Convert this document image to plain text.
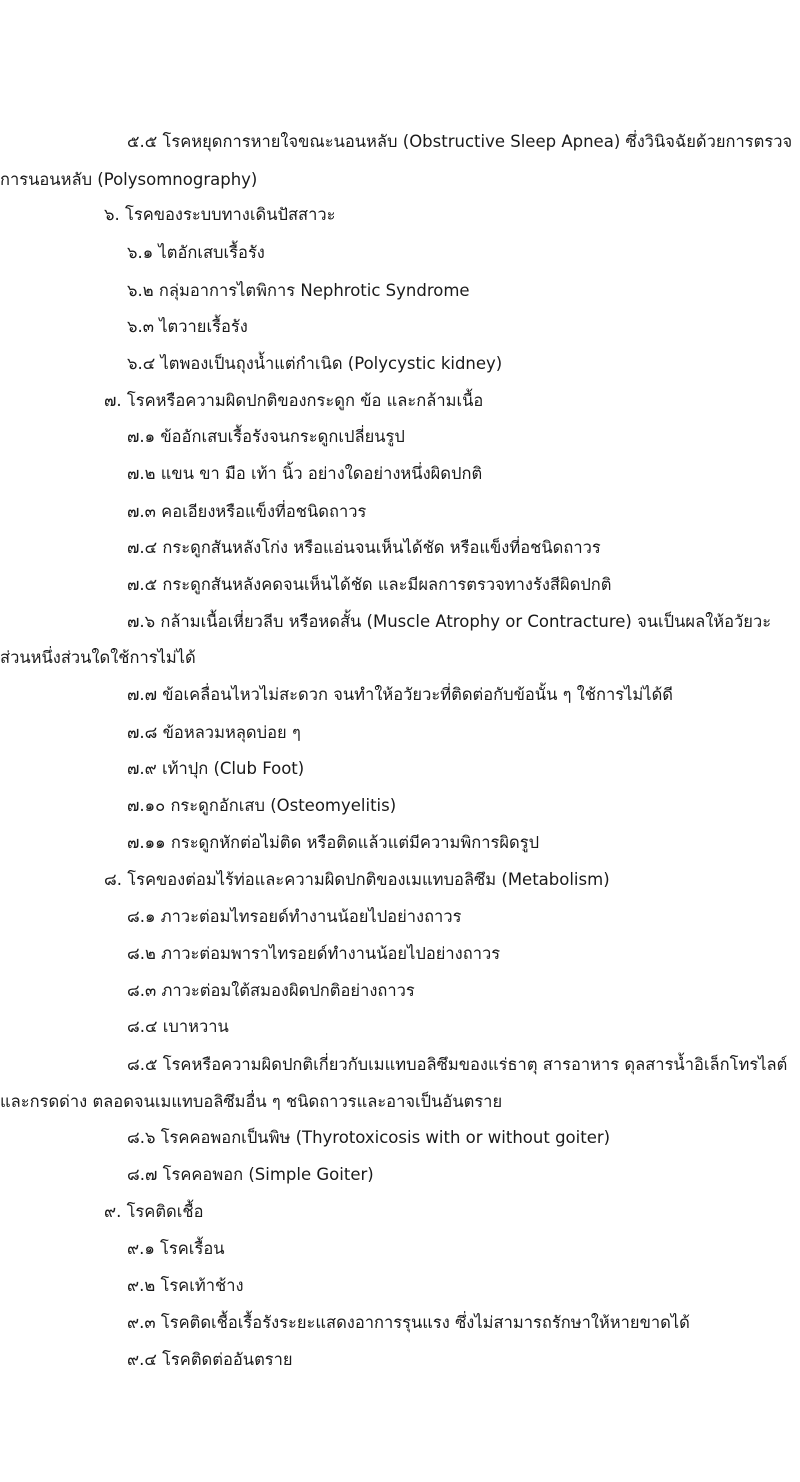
๕.๕ โรคหยุดการหายใจขณะนอนหลับ (Obstructive Sleep Apnea) ซึ่งวินิจฉัยด้วยการตรวจ
การนอนหลับ (Polysomnography)
๖. โรคของระบบทางเดินปัสสาวะ
๖.๑ ไตอักเสบเรื้อรัง
๖.๒ กลุ่มอาการไตพิการ Nephrotic Syndrome
๖.๓ ไตวายเรื้อรัง
๖.๔ ไตพองเป็นถุงน้ำแต่กำเนิด (Polycystic kidney)
๗. โรคหรือความผิดปกติของกระดูก ข้อ และกล้ามเนื้อ
๗.๑ ข้ออักเสบเรื้อรังจนกระดูกเปลี่ยนรูป
๗.๒ แขน ขา มือ เท้า นิ้ว อย่างใดอย่างหนึ่งผิดปกติ
๗.๓ คอเอียงหรือแข็งที่อชนิดถาวร
๗.๔ กระดูกสันหลังโก่ง หรือแอ่นจนเห็นได้ชัด หรือแข็งที่อชนิดถาวร
๗.๕ กระดูกสันหลังคดจนเห็นได้ชัด และมีผลการตรวจทางรังสีผิดปกติ
๗.๖ กล้ามเนื้อเหี่ยวลีบ หรือหดสั้น (Muscle Atrophy or Contracture) จนเป็นผลให้อวัยวะ
ส่วนหนึ่งส่วนใดใช้การไม่ได้
๗.๗ ข้อเคลื่อนไหวไม่สะดวก จนทำให้อวัยวะที่ติดต่อกับข้อนั้น ๆ ใช้การไม่ได้ดี
๗.๘ ข้อหลวมหลุดบ่อย ๆ
๗.๙ เท้าปุก (Club Foot)
๗.๑๐ กระดูกอักเสบ (Osteomyelitis)
๗.๑๑ กระดูกหักต่อไม่ติด หรือติดแล้วแต่มีความพิการผิดรูป
๘. โรคของต่อมไร้ท่อและความผิดปกติของเมแทบอลิซึม (Metabolism)
๘.๑ ภาวะต่อมไทรอยด์ทำงานน้อยไปอย่างถาวร
๘.๒ ภาวะต่อมพาราไทรอยด์ทำงานน้อยไปอย่างถาวร
๘.๓ ภาวะต่อมใต้สมองผิดปกติอย่างถาวร
๘.๔ เบาหวาน
๘.๕ โรคหรือความผิดปกติเกี่ยวกับเมแทบอลิซึมของแร่ธาตุ สารอาหาร ดุลสารน้ำอิเล็กโทรไลต์
และกรดด่าง ตลอดจนเมแทบอลิซึมอื่น ๆ ชนิดถาวรและอาจเป็นอันตราย
๘.๖ โรคคอพอกเป็นพิษ (Thyrotoxicosis with or without goiter)
๘.๗ โรคคอพอก (Simple Goiter)
๙. โรคติดเชื้อ
๙.๑ โรคเรื้อน
๙.๒ โรคเท้าช้าง
๙.๓ โรคติดเชื้อเรื้อรังระยะแสดงอาการรุนแรง ซึ่งไม่สามารถรักษาให้หายขาดได้
๙.๔ โรคติดต่ออันตราย
